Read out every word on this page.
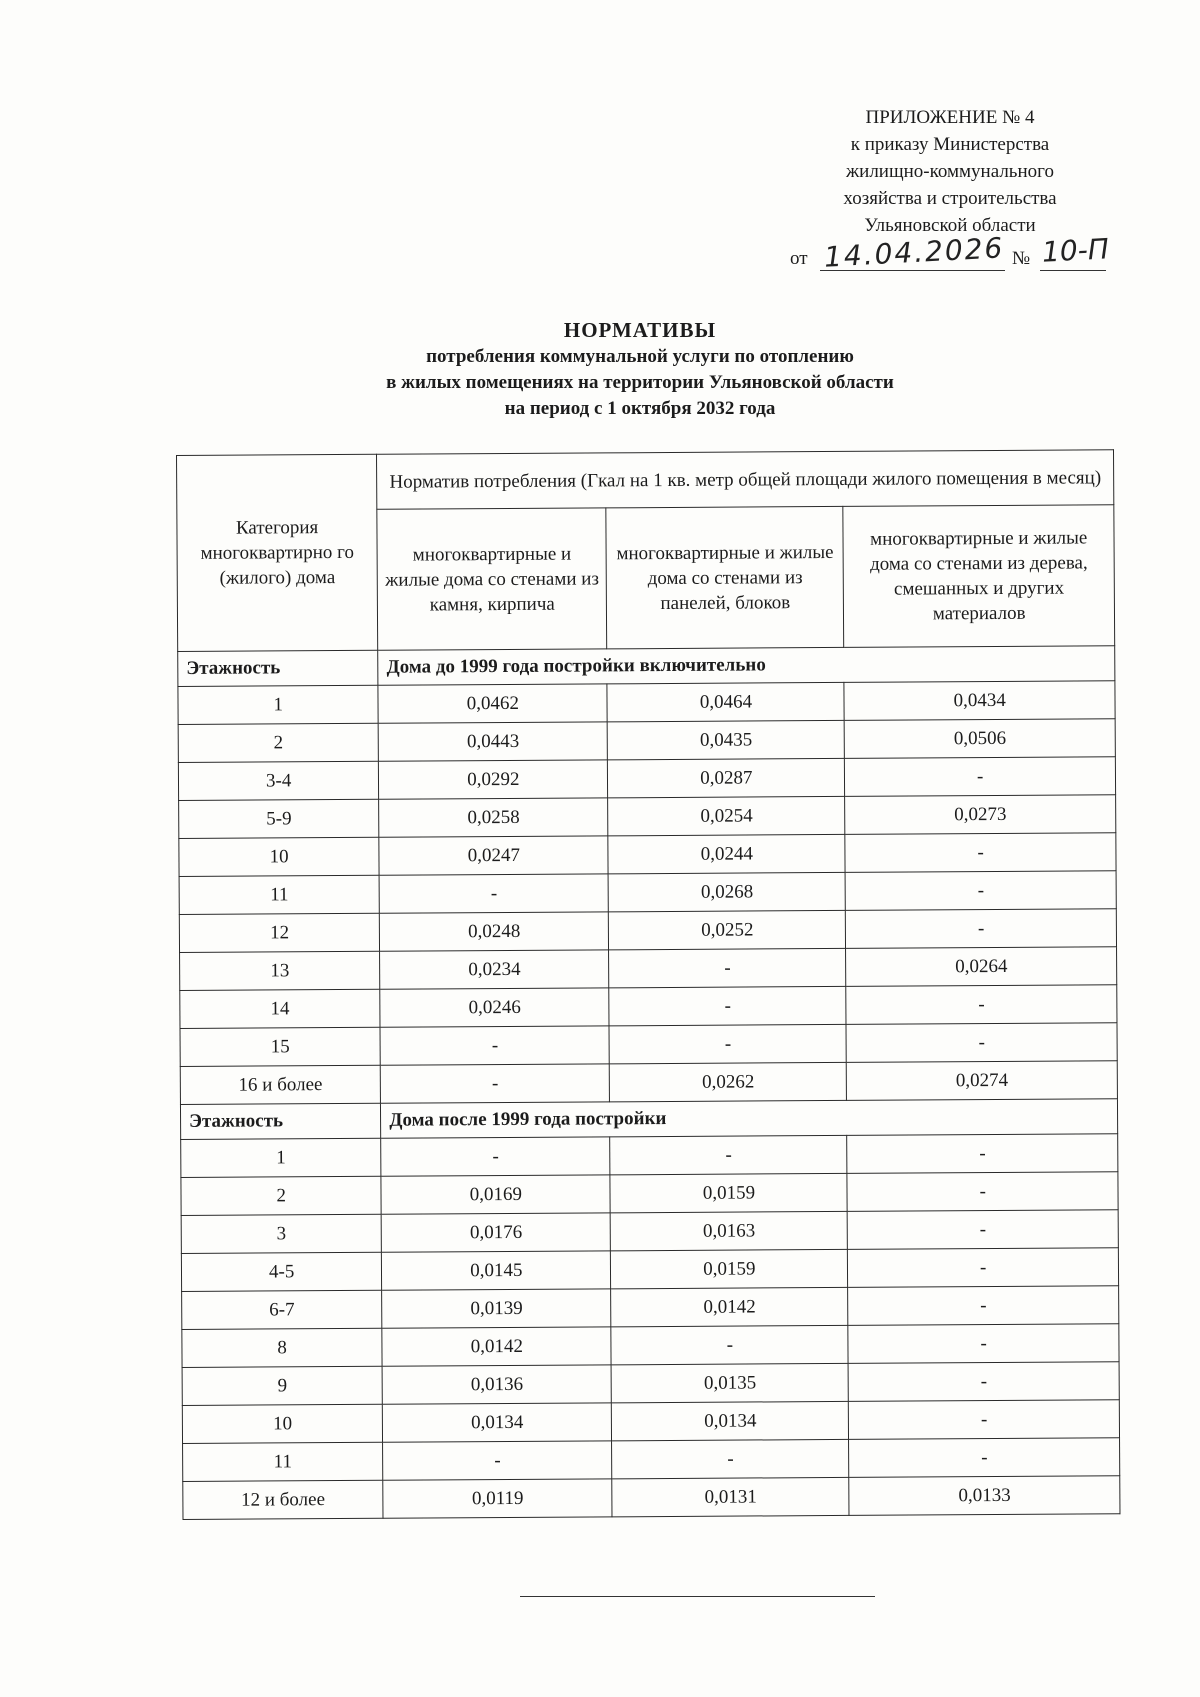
ПРИЛОЖЕНИЕ № 4
к приказу Министерства
жилищно-коммунального
хозяйства и строительства
Ульяновской области
от 14.04.2026 № 10-П
НОРМАТИВЫ
потребления коммунальной услуги по отоплению
в жилых помещениях на территории Ульяновской области
на период с 1 октября 2032 года
Категория многоквартирно го (жилого) дома	Норматив потребления (Гкал на 1 кв. метр общей площади жилого помещения в месяц)		
	многоквартирные и жилые дома со стенами из камня, кирпича	многоквартирные и жилые дома со стенами из панелей, блоков	многоквартирные и жилые дома со стенами из дерева, смешанных и других материалов
Этажность	Дома до 1999 года постройки включительно		
1	0,0462	0,0464	0,0434
2	0,0443	0,0435	0,0506
3-4	0,0292	0,0287	-
5-9	0,0258	0,0254	0,0273
10	0,0247	0,0244	-
11	-	0,0268	-
12	0,0248	0,0252	-
13	0,0234	-	0,0264
14	0,0246	-	-
15	-	-	-
16 и более	-	0,0262	0,0274
Этажность	Дома после 1999 года постройки		
1	-	-	-
2	0,0169	0,0159	-
3	0,0176	0,0163	-
4-5	0,0145	0,0159	-
6-7	0,0139	0,0142	-
8	0,0142	-	-
9	0,0136	0,0135	-
10	0,0134	0,0134	-
11	-	-	-
12 и более	0,0119	0,0131	0,0133
